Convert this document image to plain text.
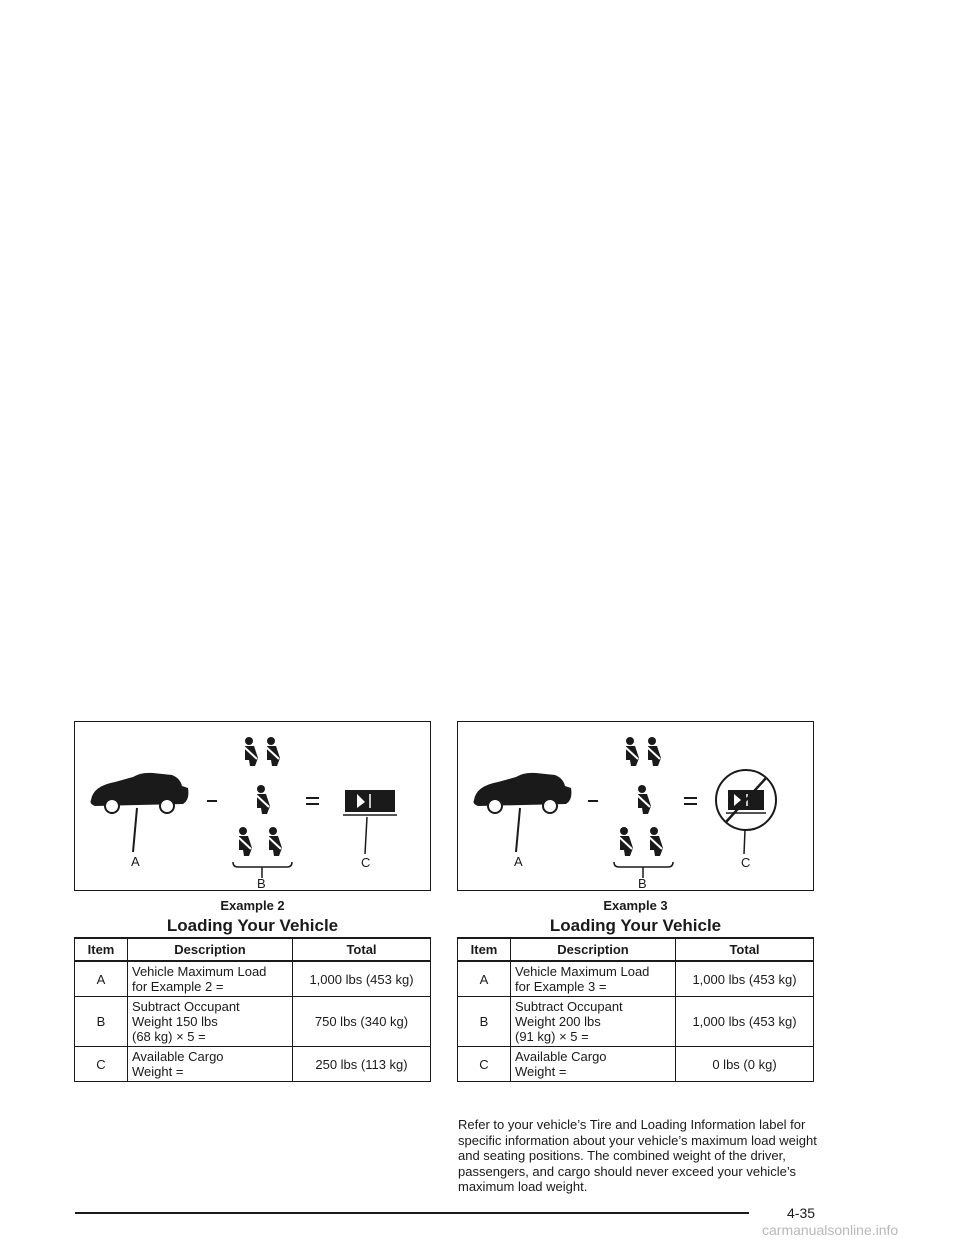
A
B
C
Example 2
Loading Your Vehicle
Item	Description	Total
A	Vehicle Maximum Load
for Example 2 =	1,000 lbs (453 kg)
B	Subtract Occupant
Weight 150 lbs
(68 kg) × 5 =	750 lbs (340 kg)
C	Available Cargo
Weight =	250 lbs (113 kg)
A
B
C
Example 3
Loading Your Vehicle
Item	Description	Total
A	Vehicle Maximum Load
for Example 3 =	1,000 lbs (453 kg)
B	Subtract Occupant
Weight 200 lbs
(91 kg) × 5 =	1,000 lbs (453 kg)
C	Available Cargo
Weight =	0 lbs (0 kg)

Refer to your vehicle’s Tire and Loading Information label for specific information about your vehicle’s maximum load weight and seating positions. The combined weight of the driver, passengers, and cargo should never exceed your vehicle’s maximum load weight.

4-35
carmanualsonline.info
